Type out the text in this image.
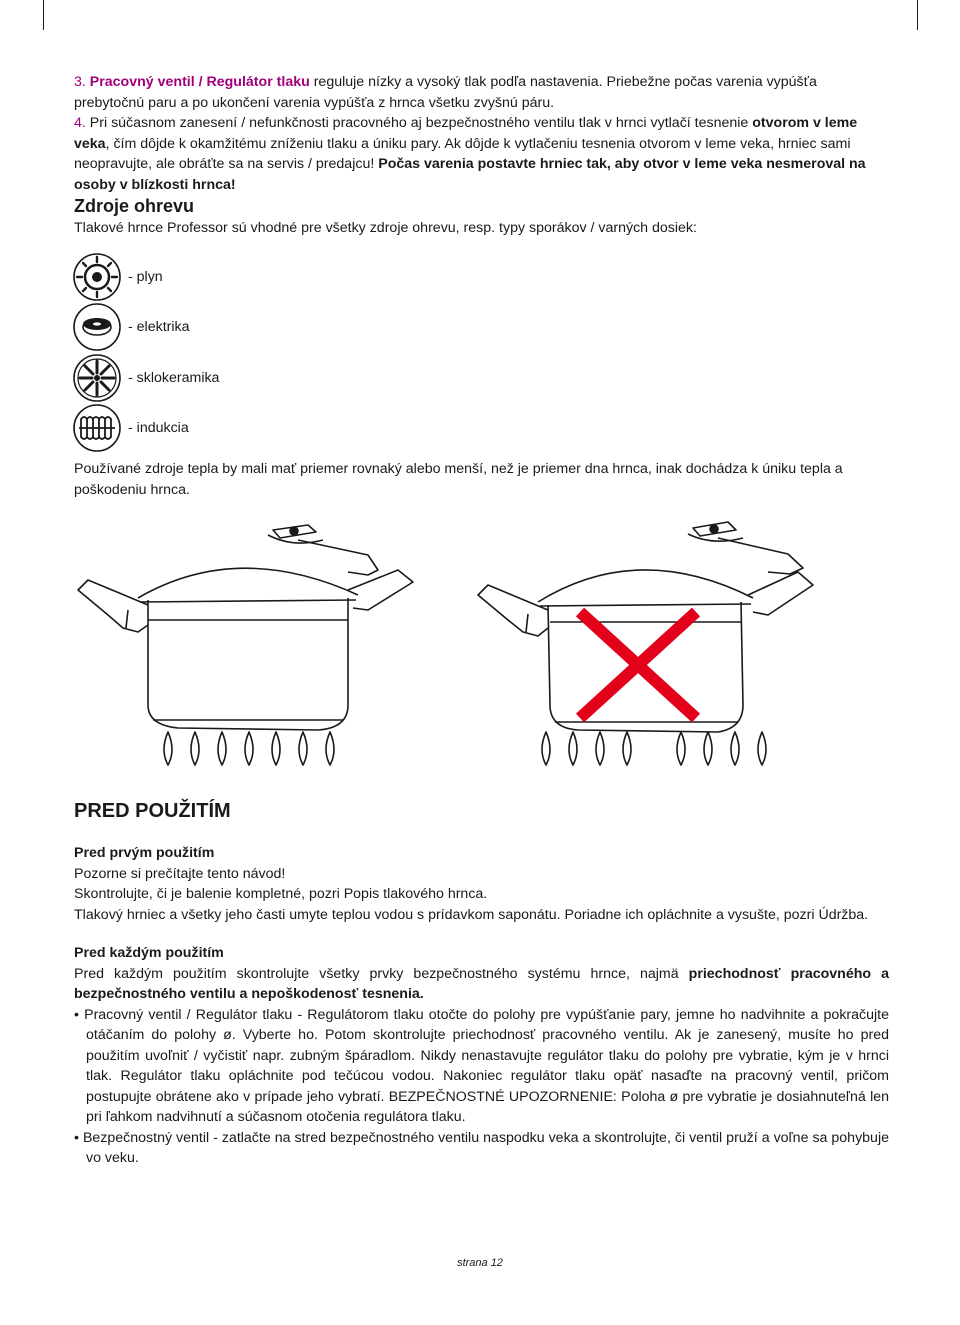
3. Pracovný ventil / Regulátor tlaku reguluje nízky a vysoký tlak podľa nastavenia. Priebežne počas varenia vypúšťa prebytočnú paru a po ukončení varenia vypúšťa z hrnca všetku zvyšnú páru.

4. Pri súčasnom zanesení / nefunkčnosti pracovného aj bezpečnostného ventilu tlak v hrnci vytlačí tesnenie otvorom v leme veka, čím dôjde k okamžitému zníženiu tlaku a úniku pary. Ak dôjde k vytlačeniu tesnenia otvorom v leme veka, hrniec sami neopravujte, ale obráťte sa na servis / predajcu! Počas varenia postavte hrniec tak, aby otvor v leme veka nesmeroval na osoby v blízkosti hrnca!

Zdroje ohrevu
Tlakové hrnce Professor sú vhodné pre všetky zdroje ohrevu, resp. typy sporákov / varných dosiek:
- plyn
- elektrika
- sklokeramika
- indukcia
Používané zdroje tepla by mali mať priemer rovnaký alebo menší, než je priemer dna hrnca, inak dochádza k úniku tepla a poškodeniu hrnca.
PRED POUŽITÍM

Pred prvým použitím

Pozorne si prečítajte tento návod!

Skontrolujte, či je balenie kompletné, pozri Popis tlakového hrnca.

Tlakový hrniec a všetky jeho časti umyte teplou vodou s prídavkom saponátu. Poriadne ich opláchnite a vysušte, pozri Údržba.

Pred každým použitím

Pred každým použitím skontrolujte všetky prvky bezpečnostného systému hrnce, najmä priechodnosť pracovného a bezpečnostného ventilu a nepoškodenosť tesnenia.

• Pracovný ventil / Regulátor tlaku - Regulátorom tlaku otočte do polohy pre vypúšťanie pary, jemne ho nadvihnite a pokračujte otáčaním do polohy ø. Vyberte ho. Potom skontrolujte priechodnosť pracovného ventilu. Ak je zanesený, musíte ho pred použitím uvoľniť / vyčistiť napr. zubným špáradlom. Nikdy nenastavujte regulátor tlaku do polohy pre vybratie, kým je v hrnci tlak. Regulátor tlaku opláchnite pod tečúcou vodou. Nakoniec regulátor tlaku opäť nasaďte na pracovný ventil, pričom postupujte obrátene ako v prípade jeho vybratí. BEZPEČNOSTNÉ UPOZORNENIE: Poloha ø pre vybratie je dosiahnuteľná len pri ľahkom nadvihnutí a súčasnom otočenia regulátora tlaku.

• Bezpečnostný ventil - zatlačte na stred bezpečnostného ventilu naspodku veka a skontrolujte, či ventil pruží a voľne sa pohybuje vo veku.

strana 12
